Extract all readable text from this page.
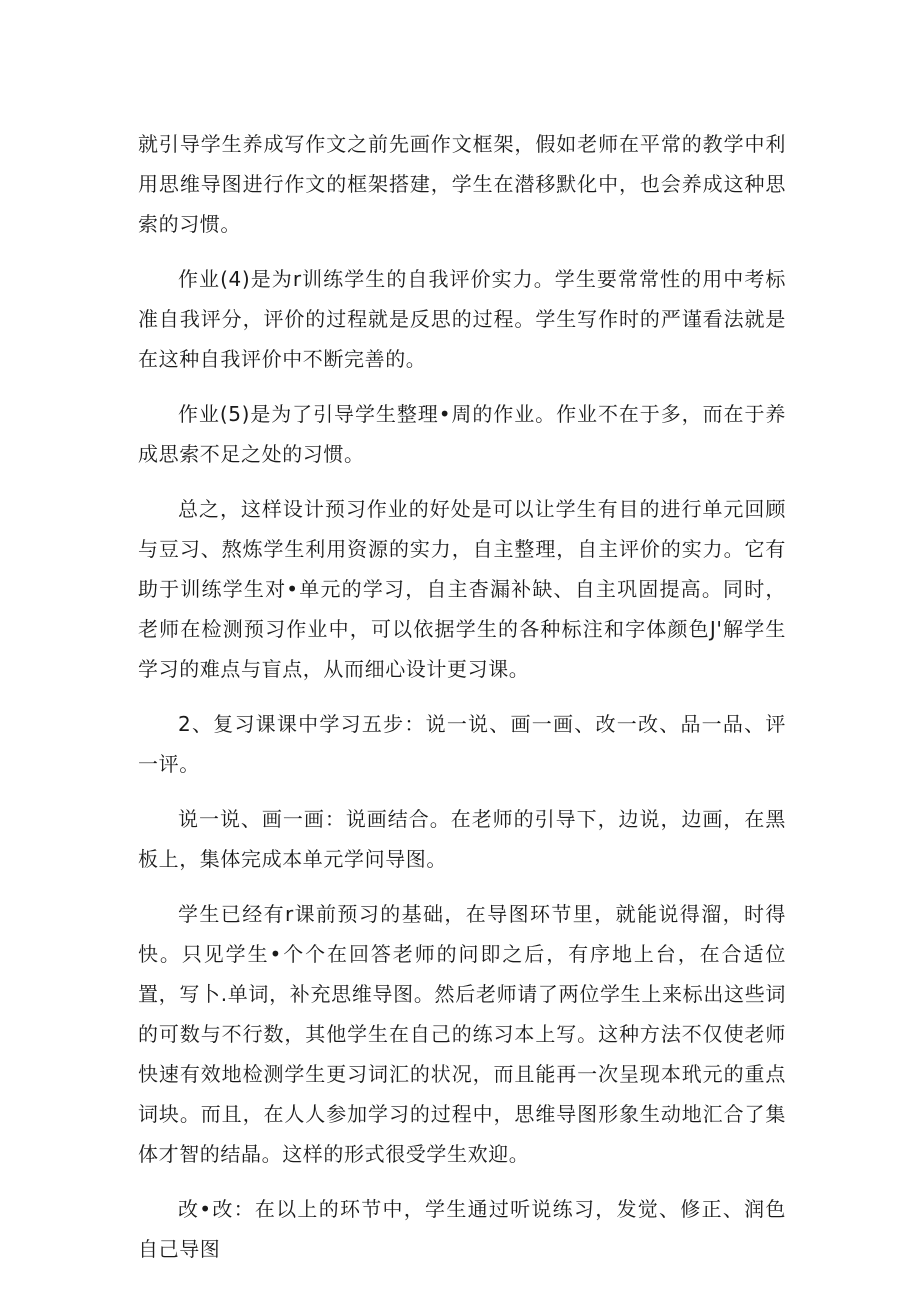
就引导学生养成写作文之前先画作文框架，假如老师在平常的教学中利用思维导图进行作文的框架搭建，学生在潜移默化中，也会养成这种思索的习惯。

作业(4)是为r训练学生的自我评价实力。学生要常常性的用中考标准自我评分，评价的过程就是反思的过程。学生写作时的严谨看法就是在这种自我评价中不断完善的。

作业(5)是为了引导学生整理•周的作业。作业不在于多，而在于养成思索不足之处的习惯。

总之，这样设计预习作业的好处是可以让学生有目的进行单元回顾与豆习、熬炼学生利用资源的实力，自主整理，自主评价的实力。它有助于训练学生对•单元的学习，自主杳漏补缺、自主巩固提高。同时，老师在检测预习作业中，可以依据学生的各种标注和字体颜色J'解学生学习的难点与盲点，从而细心设计更习课。

2、复习课课中学习五步：说一说、画一画、改一改、品一品、评一评。

说一说、画一画：说画结合。在老师的引导下，边说，边画，在黑板上，集体完成本单元学问导图。

学生已经有r课前预习的基础，在导图环节里，就能说得溜，时得快。只见学生•个个在回答老师的问即之后，有序地上台，在合适位置，写卜.单词，补充思维导图。然后老师请了两位学生上来标出这些词的可数与不行数，其他学生在自己的练习本上写。这种方法不仅使老师快速有效地检测学生更习词汇的状况，而且能再一次呈现本玳元的重点词块。而且，在人人参加学习的过程中，思维导图形象生动地汇合了集体才智的结晶。这样的形式很受学生欢迎。

改•改：在以上的环节中，学生通过听说练习，发觉、修正、润色自己导图
